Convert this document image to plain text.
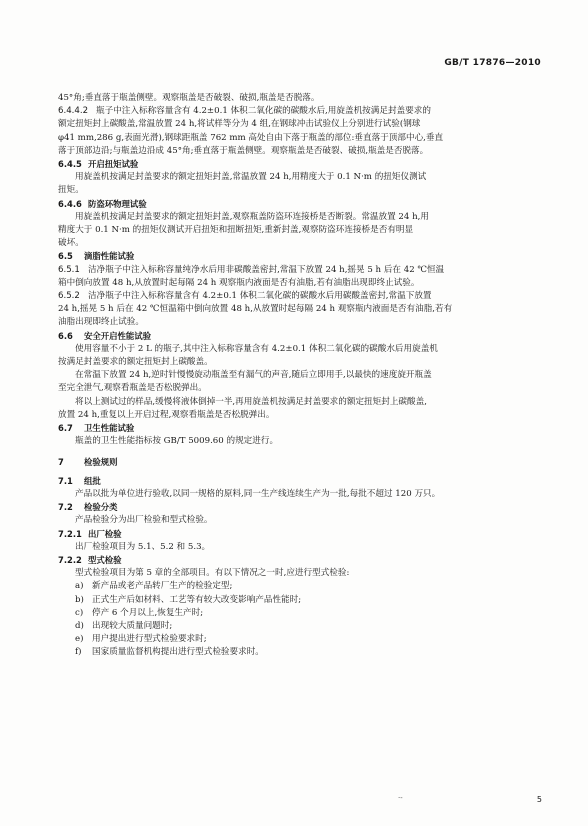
GB/T 17876—2010
45°角;垂直落于瓶盖侧壁。观察瓶盖是否破裂、破损,瓶盖是否脱落。
6.4.4.2 瓶子中注入标称容量含有 4.2±0.1 体积二氧化碳的碳酸水后,用旋盖机按满足封盖要求的
额定扭矩封上碳酸盖,常温放置 24 h,将试样等分为 4 组,在钢球冲击试验仪上分别进行试验(钢球
φ41 mm,286 g,表面光滑),钢球距瓶盖 762 mm 高处自由下落于瓶盖的部位:垂直落于顶部中心,垂直
落于顶部边沿;与瓶盖边沿成 45°角;垂直落于瓶盖侧壁。观察瓶盖是否破裂、破损,瓶盖是否脱落。
6.4.5 开启扭矩试验
用旋盖机按满足封盖要求的额定扭矩封盖,常温放置 24 h,用精度大于 0.1 N·m 的扭矩仪测试
扭矩。
6.4.6 防盗环物理试验
用旋盖机按满足封盖要求的额定扭矩封盖,观察瓶盖防盗环连接桥是否断裂。常温放置 24 h,用
精度大于 0.1 N·m 的扭矩仪测试开启扭矩和扭断扭矩,重新封盖,观察防盗环连接桥是否有明显
破坏。
6.5 滴脂性能试验
6.5.1 洁净瓶子中注入标称容量纯净水后用非碳酸盖密封,常温下放置 24 h,摇晃 5 h 后在 42 ℃恒温
箱中倒向放置 48 h,从放置时起每隔 24 h 观察瓶内液面是否有油脂,若有油脂出现即终止试验。
6.5.2 洁净瓶子中注入标称容量含有 4.2±0.1 体积二氧化碳的碳酸水后用碳酸盖密封,常温下放置
24 h,摇晃 5 h 后在 42 ℃恒温箱中倒向放置 48 h,从放置时起每隔 24 h 观察瓶内液面是否有油脂,若有
油脂出现即终止试验。
6.6 安全开启性能试验
使用容量不小于 2 L 的瓶子,其中注入标称容量含有 4.2±0.1 体积二氧化碳的碳酸水后用旋盖机
按满足封盖要求的额定扭矩封上碳酸盖。
在常温下放置 24 h,逆时针慢慢旋动瓶盖至有漏气的声音,随后立即用手,以最快的速度旋开瓶盖
至完全泄气,观察看瓶盖是否松脱弹出。
将以上测试过的样品,缓慢将液体倒掉一半,再用旋盖机按满足封盖要求的额定扭矩封上碳酸盖,
放置 24 h,重复以上开启过程,观察看瓶盖是否松脱弹出。
6.7 卫生性能试验
瓶盖的卫生性能指标按 GB/T 5009.60 的规定进行。
7 检验规则
7.1 组批
产品以批为单位进行验收,以同一规格的原料,同一生产线连续生产为一批,每批不超过 120 万只。
7.2 检验分类
产品检验分为出厂检验和型式检验。
7.2.1 出厂检验
出厂检验项目为 5.1、5.2 和 5.3。
7.2.2 型式检验
型式检验项目为第 5 章的全部项目。有以下情况之一时,应进行型式检验:
a) 新产品或老产品转厂生产的检验定型;
b) 正式生产后如材料、工艺等有较大改变影响产品性能时;
c) 停产 6 个月以上,恢复生产时;
d) 出现较大质量问题时;
e) 用户提出进行型式检验要求时;
f) 国家质量监督机构提出进行型式检验要求时。
·-	5
